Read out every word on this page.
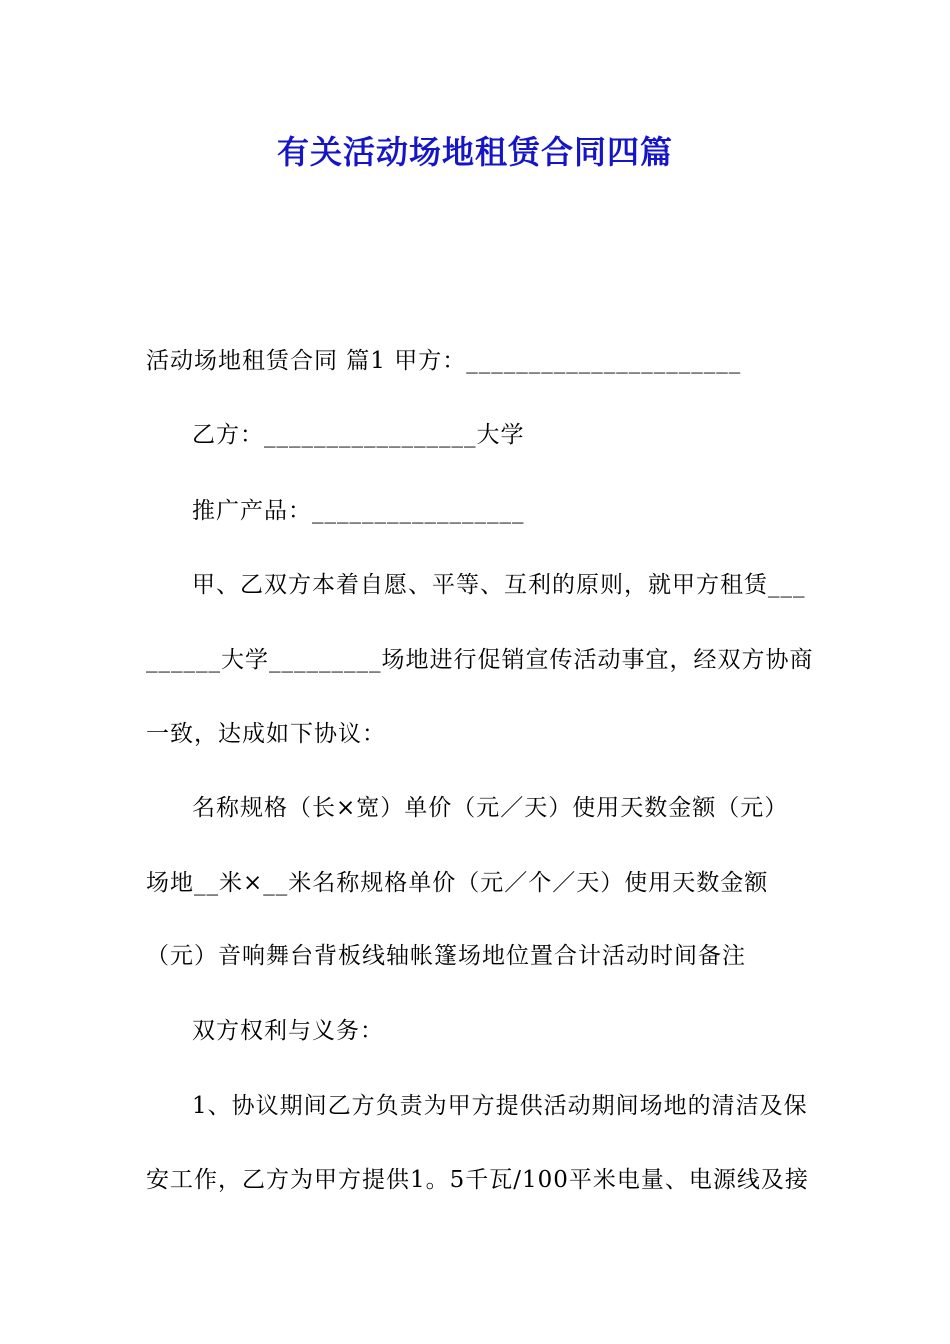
有关活动场地租赁合同四篇
活动场地租赁合同 篇1 甲方：______________________
乙方：_________________大学
推广产品：_________________
甲、乙双方本着自愿、平等、互利的原则，就甲方租赁___
______大学_________场地进行促销宣传活动事宜，经双方协商
一致，达成如下协议：
名称规格（长×宽）单价（元／天）使用天数金额（元）
场地__米×__米名称规格单价（元／个／天）使用天数金额
（元）音响舞台背板线轴帐篷场地位置合计活动时间备注
双方权利与义务：
1、协议期间乙方负责为甲方提供活动期间场地的清洁及保
安工作，乙方为甲方提供1。5千瓦/100平米电量、电源线及接
